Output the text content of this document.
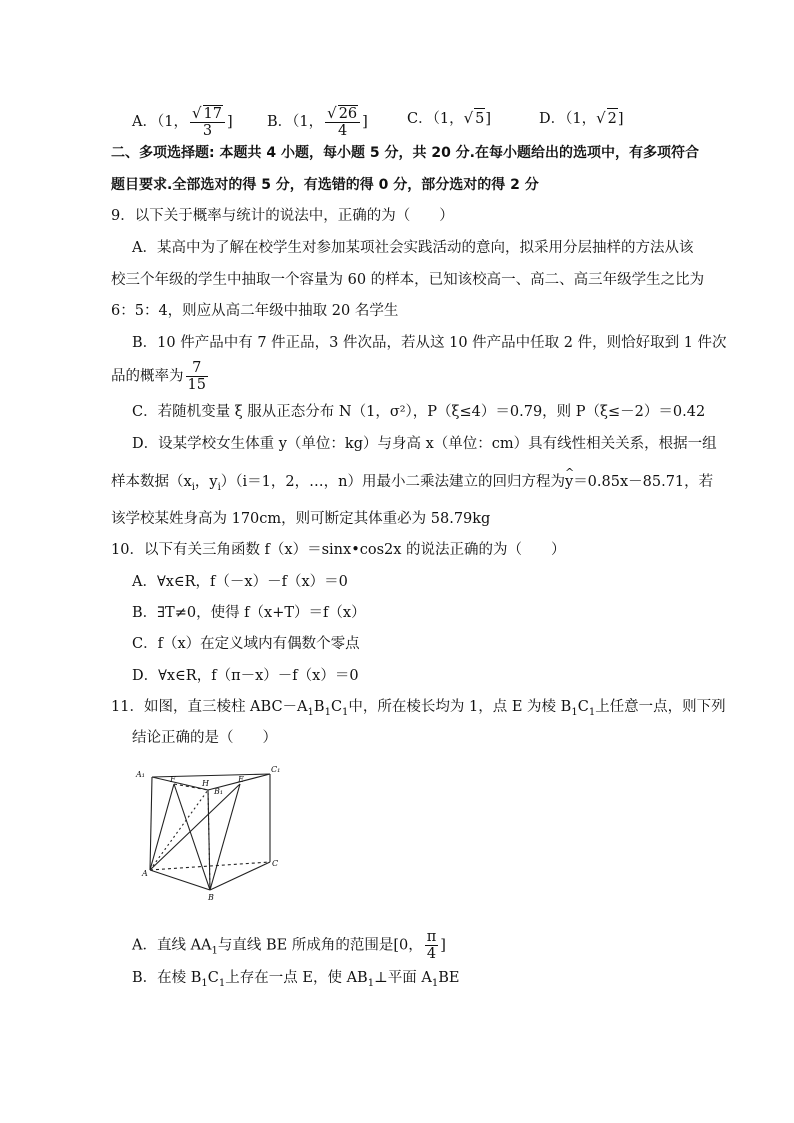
A．（1， $\frac{√ 17}{3}$ ] B．（1， $\frac{√ 26}{4}$ ]	C．（1，√ 5]	D．（1，√ 2]
二、多项选择题: 本题共 4 小题，每小题 5 分，共 20 分.在每小题给出的选项中，有多项符合
题目要求.全部选对的得 5 分，有选错的得 0 分，部分选对的得 2 分
9．以下关于概率与统计的说法中，正确的为（　　）
A．某高中为了解在校学生对参加某项社会实践活动的意向，拟采用分层抽样的方法从该
校三个年级的学生中抽取一个容量为 60 的样本，已知该校高一、高二、高三年级学生之比为
6：5：4，则应从高二年级中抽取 20 名学生
B．10 件产品中有 7 件正品，3 件次品，若从这 10 件产品中任取 2 件，则恰好取到 1 件次
品的概率为 $\frac{7}{15}$
C．若随机变量 ξ 服从正态分布 N（1，σ²），P（ξ≤4）＝0.79，则 P（ξ≤－2）＝0.42
D．设某学校女生体重 y（单位：kg）与身高 x（单位：cm）具有线性相关关系，根据一组
样本数据（$x_i$，$y_i)(i=1$，2，…，n）用最小二乘法建立的回归方程为^ y＝0.85x－85.71，若
该学校某姓身高为 170cm，则可断定其体重必为 58.79kg
10．以下有关三角函数 f（x）＝sinx•cos2x 的说法正确的为（　　）
A．∀x∈R，f（－x）－f（x）＝0
B．∃T≠0，使得 f（x+T）＝f（x）
C．f（x）在定义域内有偶数个零点
D．∀x∈R，f（π－x）－f（x）＝0
11．如图，直三棱柱 $ABC-A_1B_1C_1$中，所在棱长均为 1，点 E 为棱 $B_1C_1$上任意一点，则下列
结论正确的是（　　）
A₁
F	H	E
C₁
A
B
C
B₁
A．直线 $AA_1$与直线 BE 所成角的范围是[0， $\frac{\pi}{4}$ ]
B．在棱 $B_1C_1$上存在一点 E，使 $AB_1\perp$平面 $A_1BE$
